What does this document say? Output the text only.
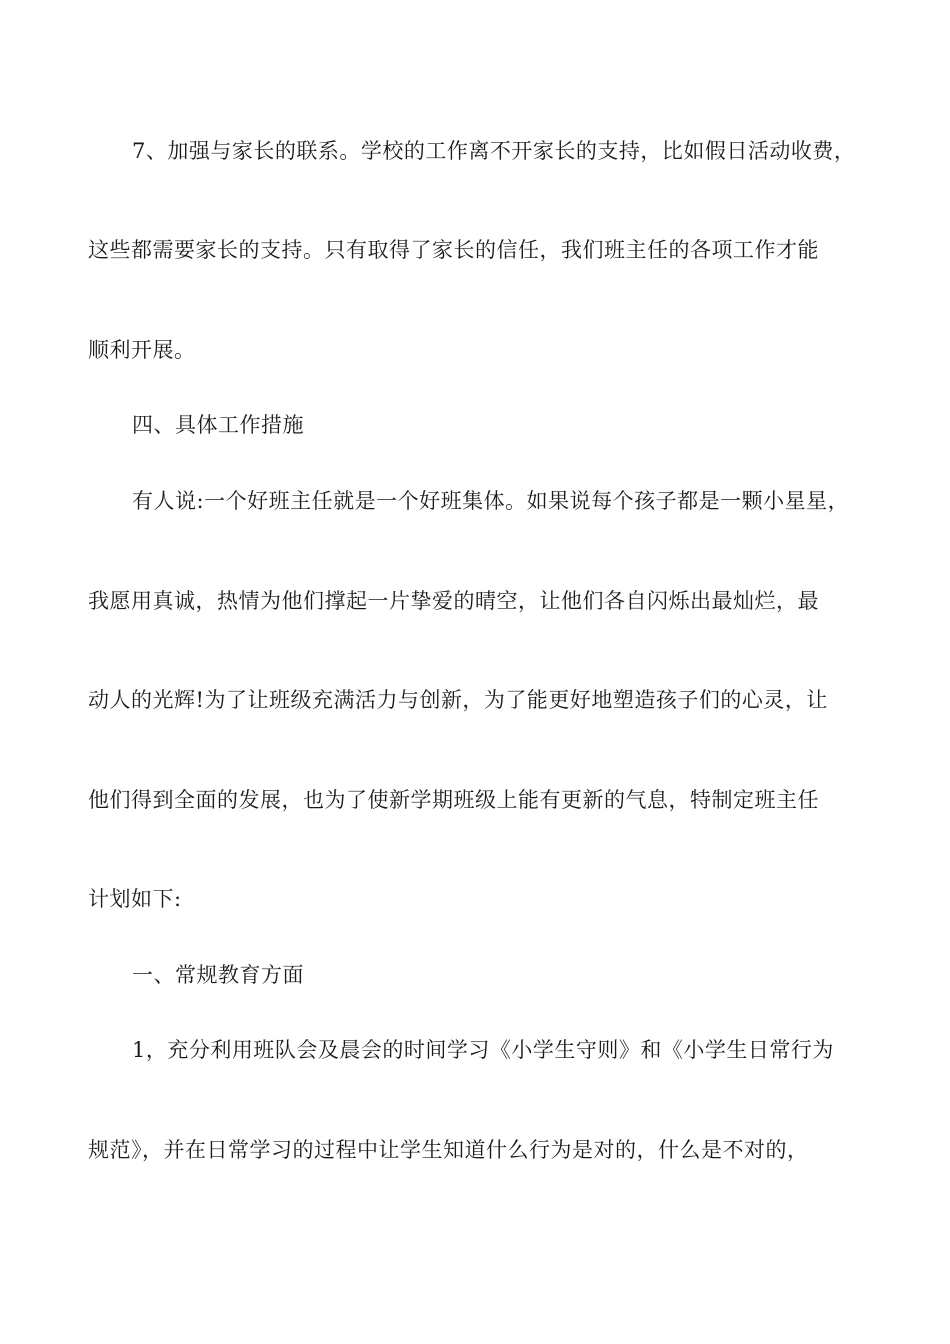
7、加强与家长的联系。学校的工作离不开家长的支持，比如假日活动收费，
这些都需要家长的支持。只有取得了家长的信任，我们班主任的各项工作才能
顺利开展。
四、具体工作措施
有人说:一个好班主任就是一个好班集体。如果说每个孩子都是一颗小星星，
我愿用真诚，热情为他们撑起一片挚爱的晴空，让他们各自闪烁出最灿烂，最
动人的光辉!为了让班级充满活力与创新，为了能更好地塑造孩子们的心灵，让
他们得到全面的发展，也为了使新学期班级上能有更新的气息，特制定班主任
计划如下:
一、常规教育方面
1，充分利用班队会及晨会的时间学习《小学生守则》和《小学生日常行为
规范》，并在日常学习的过程中让学生知道什么行为是对的，什么是不对的，
